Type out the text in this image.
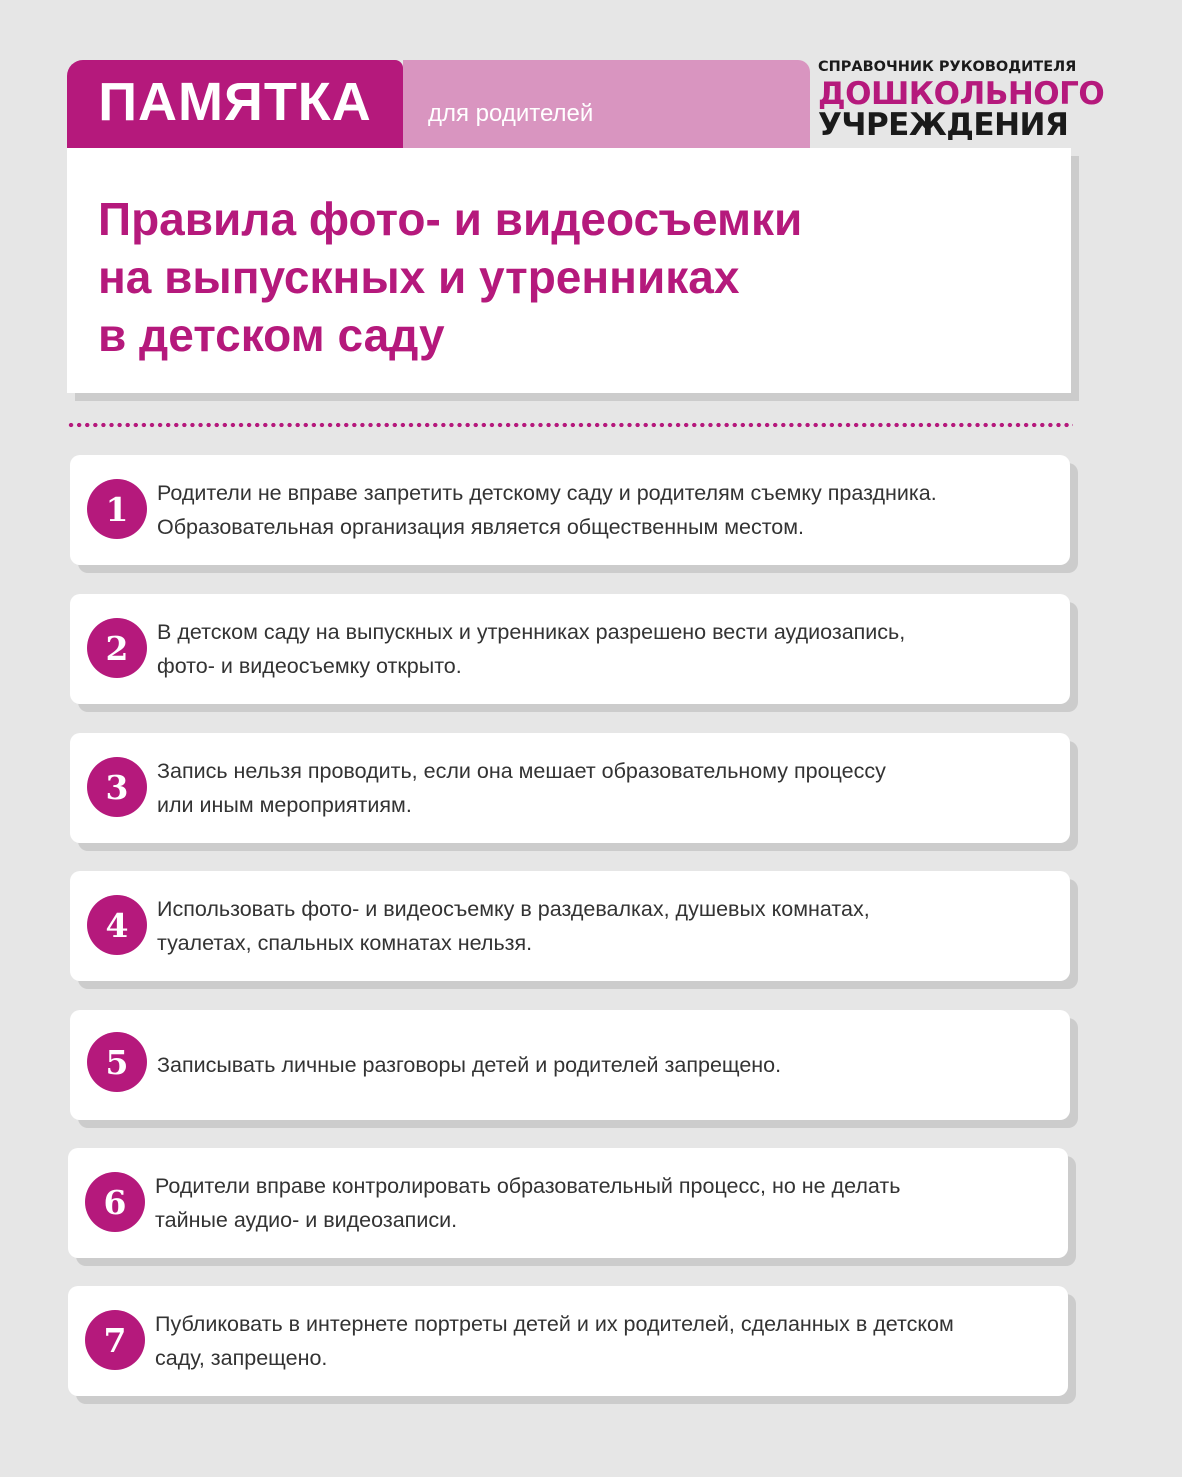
ПАМЯТКА	для родителей
СПРАВОЧНИК РУКОВОДИТЕЛЯ
ДОШКОЛЬНОГО
УЧРЕЖДЕНИЯ
Правила фото- и видеосъемки
на выпускных и утренниках
в детском саду
1	Родители не вправе запретить детскому саду и родителям съемку праздника.
Образовательная организация является общественным местом.
2	В детском саду на выпускных и утренниках разрешено вести аудиозапись,
фото- и видеосъемку открыто.
3	Запись нельзя проводить, если она мешает образовательному процессу
или иным мероприятиям.
4	Использовать фото- и видеосъемку в раздевалках, душевых комнатах,
туалетах, спальных комнатах нельзя.
5	Записывать личные разговоры детей и родителей запрещено.
6	Родители вправе контролировать образовательный процесс, но не делать
тайные аудио- и видеозаписи.
7	Публиковать в интернете портреты детей и их родителей, сделанных в детском
саду, запрещено.
